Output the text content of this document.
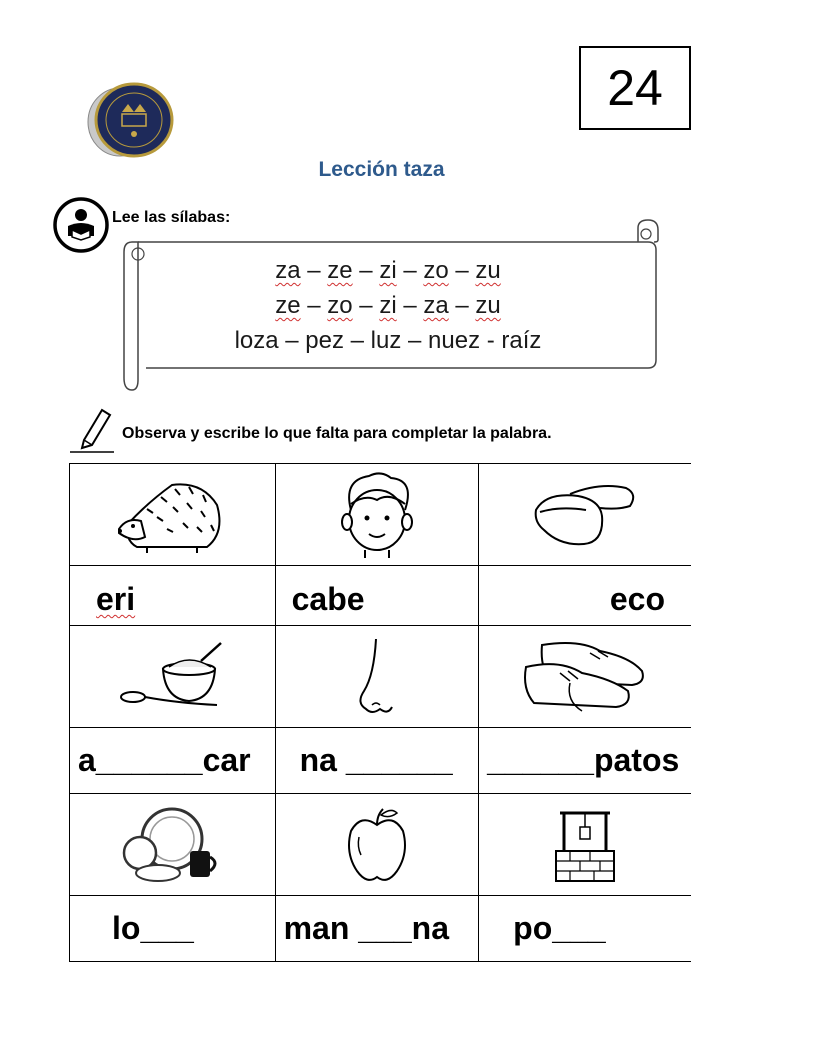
24
Lección taza
Lee las sílabas:
za – ze – zi – zo – zu
ze – zo – zi – za – zu
loza – pez – luz – nuez - raíz
Observa y escribe lo que falta para completar la palabra.

eri	cabe	eco

a______car	na ______	______patos

lo___	man ___na	po___
